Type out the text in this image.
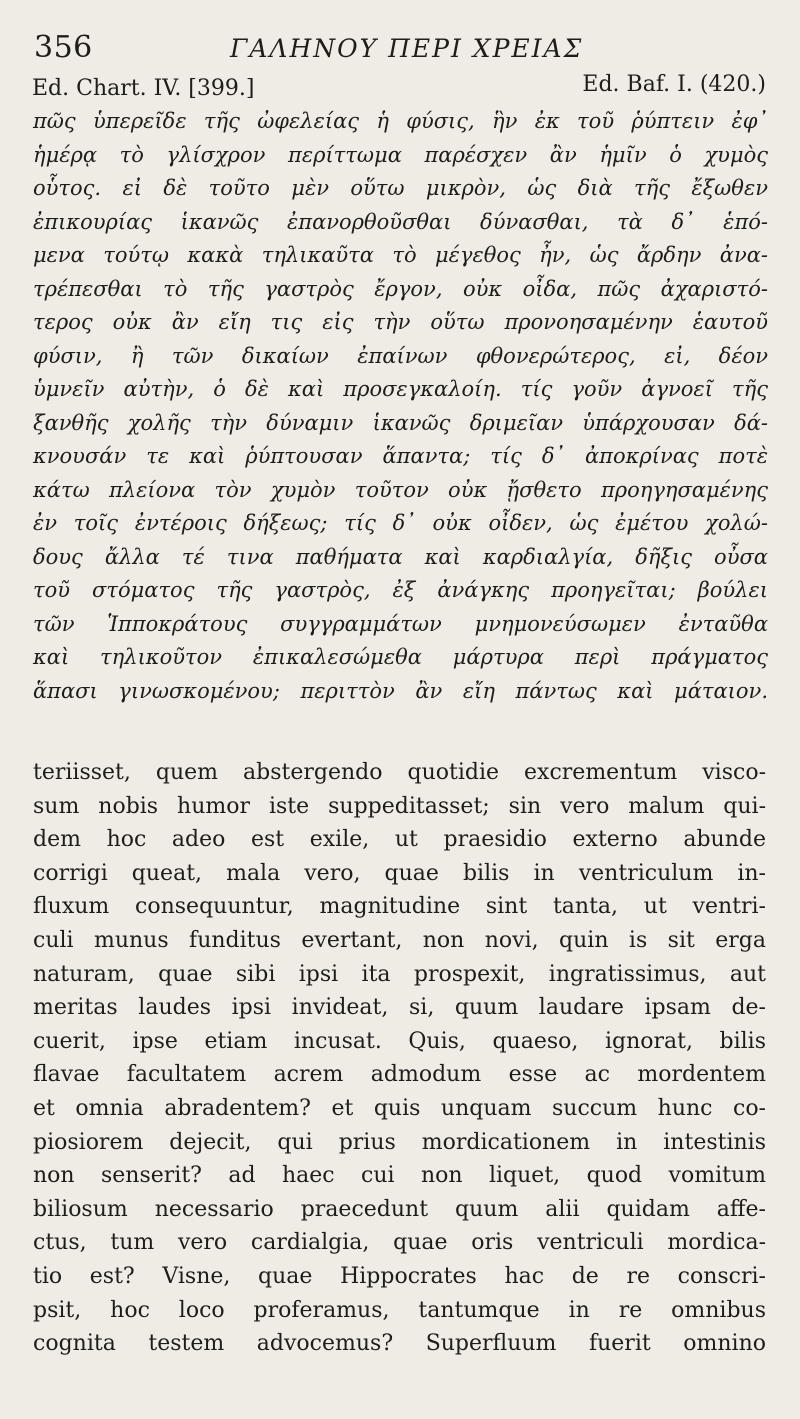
356	ΓΑΛΗΝΟΥ ΠΕΡΙ ΧΡΕΙΑΣ
Ed. Chart. IV. [399.]	Ed. Baf. I. (420.)
πῶς ὑπερεῖδε τῆς ὠφελείας ἡ φύσις, ἣν ἐκ τοῦ ῥύπτειν ἐφ᾽
ἡμέρᾳ τὸ γλίσχρον περίττωμα παρέσχεν ἂν ἡμῖν ὁ χυμὸς
οὗτος. εἰ δὲ τοῦτο μὲν οὕτω μικρὸν, ὡς διὰ τῆς ἔξωθεν
ἐπικουρίας ἱκανῶς ἐπανορθοῦσθαι δύνασθαι, τὰ δ᾽ ἑπό-
μενα τούτῳ κακὰ τηλικαῦτα τὸ μέγεθος ἦν, ὡς ἄρδην ἀνα-
τρέπεσθαι τὸ τῆς γαστρὸς ἔργον, οὐκ οἶδα, πῶς ἀχαριστό-
τερος οὐκ ἂν εἴη τις εἰς τὴν οὕτω προνοησαμένην ἑαυτοῦ
φύσιν, ἢ τῶν δικαίων ἐπαίνων φθονερώτερος, εἰ, δέον
ὑμνεῖν αὐτὴν, ὁ δὲ καὶ προσεγκαλοίη. τίς γοῦν ἀγνοεῖ τῆς
ξανθῆς χολῆς τὴν δύναμιν ἱκανῶς δριμεῖαν ὑπάρχουσαν δά-
κνουσάν τε καὶ ῥύπτουσαν ἅπαντα; τίς δ᾽ ἀποκρίνας ποτὲ
κάτω πλείονα τὸν χυμὸν τοῦτον οὐκ ᾔσθετο προηγησαμένης
ἐν τοῖς ἐντέροις δήξεως; τίς δ᾽ οὐκ οἶδεν, ὡς ἐμέτου χολώ-
δους ἄλλα τέ τινα παθήματα καὶ καρδιαλγία, δῆξις οὖσα
τοῦ στόματος τῆς γαστρὸς, ἐξ ἀνάγκης προηγεῖται; βούλει
τῶν Ἱπποκράτους συγγραμμάτων μνημονεύσωμεν ἐνταῦθα
καὶ τηλικοῦτον ἐπικαλεσώμεθα μάρτυρα περὶ πράγματος
ἅπασι γινωσκομένου; περιττὸν ἂν εἴη πάντως καὶ μάταιον.
teriisset, quem abstergendo quotidie excrementum visco-
sum nobis humor iste suppeditasset; sin vero malum qui-
dem hoc adeo est exile, ut praesidio externo abunde
corrigi queat, mala vero, quae bilis in ventriculum in-
fluxum consequuntur, magnitudine sint tanta, ut ventri-
culi munus funditus evertant, non novi, quin is sit erga
naturam, quae sibi ipsi ita prospexit, ingratissimus, aut
meritas laudes ipsi invideat, si, quum laudare ipsam de-
cuerit, ipse etiam incusat. Quis, quaeso, ignorat, bilis
flavae facultatem acrem admodum esse ac mordentem
et omnia abradentem? et quis unquam succum hunc co-
piosiorem dejecit, qui prius mordicationem in intestinis
non senserit? ad haec cui non liquet, quod vomitum
biliosum necessario praecedunt quum alii quidam affe-
ctus, tum vero cardialgia, quae oris ventriculi mordica-
tio est? Visne, quae Hippocrates hac de re conscri-
psit, hoc loco proferamus, tantumque in re omnibus
cognita testem advocemus? Superfluum fuerit omnino
